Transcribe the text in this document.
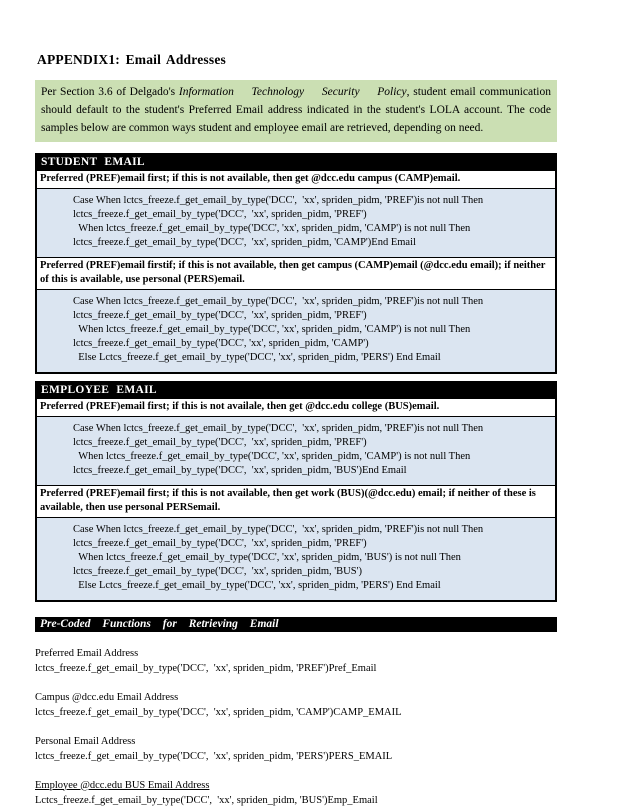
APPENDIX1: Email Addresses

Per Section 3.6 of Delgado's Information Technology Security Policy, student email communication should default to the student's Preferred Email address indicated in the student's LOLA account. The code samples below are common ways student and employee email are retrieved, depending on need.

STUDENT EMAIL
Preferred (PREF)email first; if this is not available, then get @dcc.edu campus (CAMP)email.
Case When lctcs_freeze.f_get_email_by_type('DCC',  'xx', spriden_pidm, 'PREF')is not null Then
lctcs_freeze.f_get_email_by_type('DCC',  'xx', spriden_pidm, 'PREF')
When lctcs_freeze.f_get_email_by_type('DCC', 'xx', spriden_pidm, 'CAMP') is not null Then
lctcs_freeze.f_get_email_by_type('DCC',  'xx', spriden_pidm, 'CAMP')End Email
Preferred (PREF)email firstif; if this is not available, then get campus (CAMP)email (@dcc.edu email); if neither of this is available, use personal (PERS)email.
Case When lctcs_freeze.f_get_email_by_type('DCC',  'xx', spriden_pidm, 'PREF')is not null Then
lctcs_freeze.f_get_email_by_type('DCC',  'xx', spriden_pidm, 'PREF')
When lctcs_freeze.f_get_email_by_type('DCC', 'xx', spriden_pidm, 'CAMP') is not null Then
lctcs_freeze.f_get_email_by_type('DCC', 'xx', spriden_pidm, 'CAMP')
Else Lctcs_freeze.f_get_email_by_type('DCC', 'xx', spriden_pidm, 'PERS') End Email
EMPLOYEE EMAIL
Preferred (PREF)email first; if this is not availale, then get @dcc.edu college (BUS)email.
Case When lctcs_freeze.f_get_email_by_type('DCC',  'xx', spriden_pidm, 'PREF')is not null Then
lctcs_freeze.f_get_email_by_type('DCC',  'xx', spriden_pidm, 'PREF')
When lctcs_freeze.f_get_email_by_type('DCC', 'xx', spriden_pidm, 'CAMP') is not null Then
lctcs_freeze.f_get_email_by_type('DCC',  'xx', spriden_pidm, 'BUS')End Email
Preferred (PREF)email first; if this is not available, then get work (BUS)(@dcc.edu) email; if neither of these is available, then use personal PERSemail.
Case When lctcs_freeze.f_get_email_by_type('DCC',  'xx', spriden_pidm, 'PREF')is not null Then
lctcs_freeze.f_get_email_by_type('DCC',  'xx', spriden_pidm, 'PREF')
When lctcs_freeze.f_get_email_by_type('DCC', 'xx', spriden_pidm, 'BUS') is not null Then
lctcs_freeze.f_get_email_by_type('DCC',  'xx', spriden_pidm, 'BUS')
Else Lctcs_freeze.f_get_email_by_type('DCC', 'xx', spriden_pidm, 'PERS') End Email
Pre-Coded Functions for Retrieving Email
Preferred Email Address
lctcs_freeze.f_get_email_by_type('DCC',  'xx', spriden_pidm, 'PREF')Pref_Email
Campus @dcc.edu Email Address
lctcs_freeze.f_get_email_by_type('DCC',  'xx', spriden_pidm, 'CAMP')CAMP_EMAIL
Personal Email Address
lctcs_freeze.f_get_email_by_type('DCC',  'xx', spriden_pidm, 'PERS')PERS_EMAIL
Employee @dcc.edu BUS Email Address
Lctcs_freeze.f_get_email_by_type('DCC',  'xx', spriden_pidm, 'BUS')Emp_Email
